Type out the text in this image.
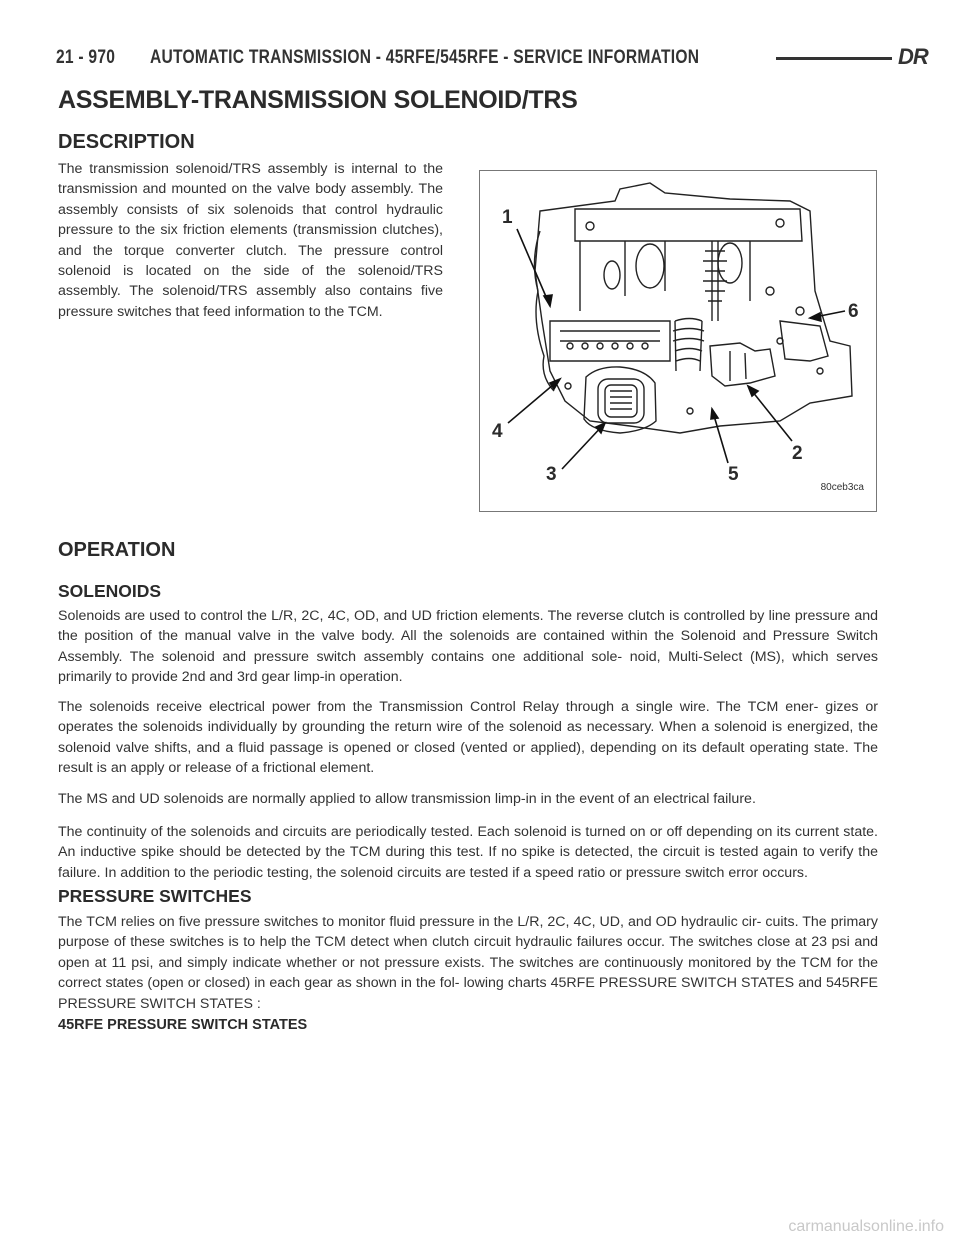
21 - 970	AUTOMATIC TRANSMISSION - 45RFE/545RFE - SERVICE INFORMATION	DR
ASSEMBLY-TRANSMISSION SOLENOID/TRS
DESCRIPTION

The transmission solenoid/TRS assembly is internal to the transmission and mounted on the valve body assembly. The assembly consists of six solenoids that control hydraulic pressure to the six friction elements (transmission clutches), and the torque converter clutch. The pressure control solenoid is located on the side of the solenoid/TRS assembly. The solenoid/TRS assembly also contains five pressure switches that feed information to the TCM.

1
6
2
4
3	5
80ceb3ca
OPERATION
SOLENOIDS

Solenoids are used to control the L/R, 2C, 4C, OD, and UD friction elements. The reverse clutch is controlled by line pressure and the position of the manual valve in the valve body. All the solenoids are contained within the Solenoid and Pressure Switch Assembly. The solenoid and pressure switch assembly contains one additional sole- noid, Multi-Select (MS), which serves primarily to provide 2nd and 3rd gear limp-in operation.

The solenoids receive electrical power from the Transmission Control Relay through a single wire. The TCM ener- gizes or operates the solenoids individually by grounding the return wire of the solenoid as necessary. When a solenoid is energized, the solenoid valve shifts, and a fluid passage is opened or closed (vented or applied), depending on its default operating state. The result is an apply or release of a frictional element.

The MS and UD solenoids are normally applied to allow transmission limp-in in the event of an electrical failure.

The continuity of the solenoids and circuits are periodically tested. Each solenoid is turned on or off depending on its current state. An inductive spike should be detected by the TCM during this test. If no spike is detected, the circuit is tested again to verify the failure. In addition to the periodic testing, the solenoid circuits are tested if a speed ratio or pressure switch error occurs.

PRESSURE SWITCHES

The TCM relies on five pressure switches to monitor fluid pressure in the L/R, 2C, 4C, UD, and OD hydraulic cir- cuits. The primary purpose of these switches is to help the TCM detect when clutch circuit hydraulic failures occur. The switches close at 23 psi and open at 11 psi, and simply indicate whether or not pressure exists. The switches are continuously monitored by the TCM for the correct states (open or closed) in each gear as shown in the fol- lowing charts 45RFE PRESSURE SWITCH STATES and 545RFE PRESSURE SWITCH STATES :

45RFE PRESSURE SWITCH STATES
carmanualsonline.info
